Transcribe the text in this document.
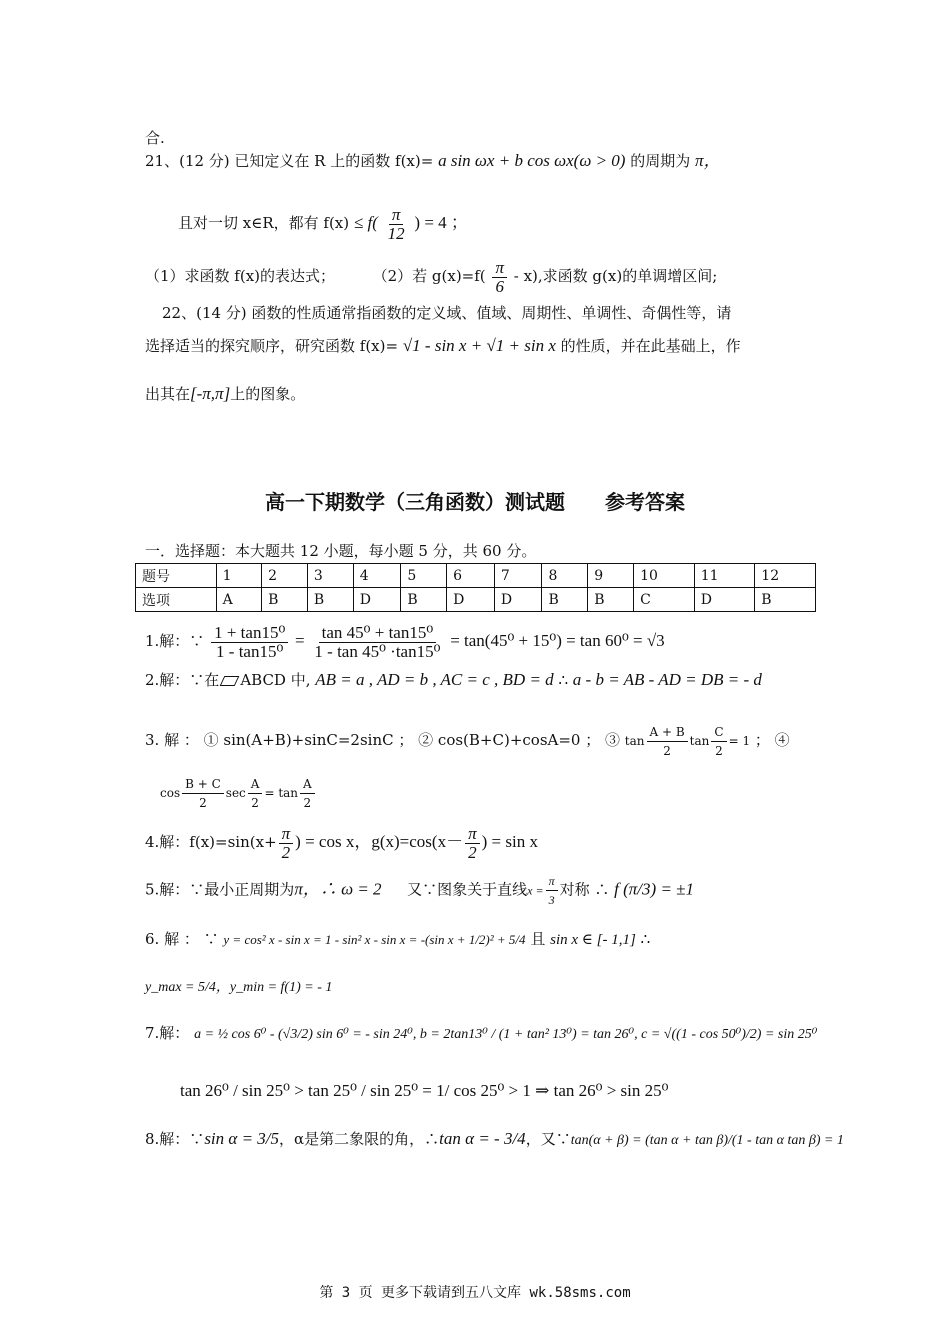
合.
21、(12 分) 已知定义在 R 上的函数 f(x)= a sin ωx + b cos ωx(ω > 0) 的周期为 π，
且对一切 x∈R，都有 $f(x) \le f( \frac{\pi}{12}$ ) = 4 ；
（1）求函数 f(x)的表达式；	（2）若 $g(x)=f( \frac{\pi}{6} - x)$,求函数 g(x)的单调增区间;
22、(14 分) 函数的性质通常指函数的定义域、值域、周期性、单调性、奇偶性等，请
选择适当的探究顺序，研究函数 f(x)= √1 - sin x + √1 + sin x 的性质，并在此基础上，作
出其在[-π,π]上的图象。
高一下期数学（三角函数）测试题　　参考答案
一．选择题：本大题共 12 小题，每小题 5 分，共 60 分。
题号	1	2	3	4	5	6	7	8	9	10	11	12
选项	A	B	B	D	B	D	D	B	B	C	D	B
1.解：∵ $\frac{\text{1 + tan15⁰}}{\text{1 - tan15⁰}} = \frac{\text{tan 45⁰ + tan15⁰}}{\text{1 - tan 45⁰ ·tan15⁰}} = \tan(45^0 + 15^0) = \tan 60^0 = √3$
2.解：∵在 ABCD 中, AB = a , AD = b , AC = c , BD = d ∴ a - b = AB - AD = DB = - d
3. 解 ： ① sin(A+B)+sinC=2sinC ； ② cos(B+C)+cosA=0 ； ③ $\tan \frac{A + B}{2}$ $\tan \frac{C}{2} = 1$ ； ④
$\cos \frac{B + C}{2}$ $\sec \frac{A}{2} = \tan \frac{A}{2}$
4.解：$f(x)=\sin(x+ \frac{\pi}{2}$ ) = cos x，$g(x)=\cos(x- \frac{\pi}{2}$ ) = sin x
5.解：∵最小正周期为π，∴ ω = 2 又∵图象关于直线$x = \frac{\pi}{3}$ 对称 ∴ f (π/3) = ±1
6. 解 ： ∵ y = cos² x - sin x = 1 - sin² x - sin x = -(sin x + 1/2)² + 5/4 且 sin x ∈ [- 1,1] ∴
y_max = 5/4，y_min = f(1) = - 1
7.解： a = ½ cos 6⁰ - (√3/2) sin 6⁰ = - sin 24⁰, b = 2tan13⁰ / (1 + tan² 13⁰) = tan 26⁰, c = √((1 - cos 50⁰)/2) = sin 25⁰
tan 26⁰ / sin 25⁰ > tan 25⁰ / sin 25⁰ = 1/ cos 25⁰ > 1 ⇒ tan 26⁰ > sin 25⁰
8.解：∵sin α = 3/5，α是第二象限的角，∴tan α = - 3/4，又∵tan(α + β) = (tan α + tan β)/(1 - tan α tan β) = 1
第 3 页 更多下载请到五八文库 wk.58sms.com
